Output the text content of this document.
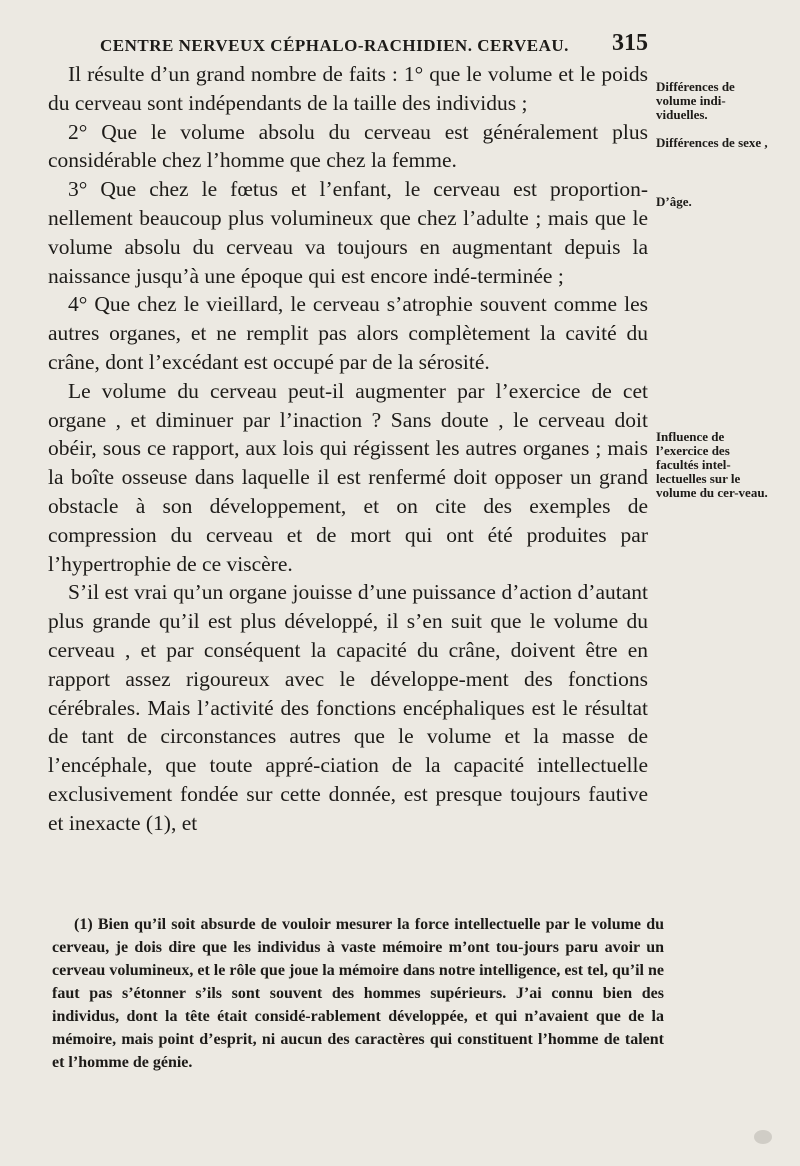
CENTRE NERVEUX CÉPHALO-RACHIDIEN. CERVEAU. 315

Il résulte d’un grand nombre de faits : 1° que le volume et le poids du cerveau sont indépendants de la taille des individus ;

2° Que le volume absolu du cerveau est généralement plus considérable chez l’homme que chez la femme.

3° Que chez le fœtus et l’enfant, le cerveau est proportion-nellement beaucoup plus volumineux que chez l’adulte ; mais que le volume absolu du cerveau va toujours en augmentant depuis la naissance jusqu’à une époque qui est encore indé-terminée ;

4° Que chez le vieillard, le cerveau s’atrophie souvent comme les autres organes, et ne remplit pas alors complètement la cavité du crâne, dont l’excédant est occupé par de la sérosité.

Le volume du cerveau peut-il augmenter par l’exercice de cet organe , et diminuer par l’inaction ? Sans doute , le cerveau doit obéir, sous ce rapport, aux lois qui régissent les autres organes ; mais la boîte osseuse dans laquelle il est renfermé doit opposer un grand obstacle à son développement, et on cite des exemples de compression du cerveau et de mort qui ont été produites par l’hypertrophie de ce viscère.

S’il est vrai qu’un organe jouisse d’une puissance d’action d’autant plus grande qu’il est plus développé, il s’en suit que le volume du cerveau , et par conséquent la capacité du crâne, doivent être en rapport assez rigoureux avec le développe-ment des fonctions cérébrales. Mais l’activité des fonctions encéphaliques est le résultat de tant de circonstances autres que le volume et la masse de l’encéphale, que toute appré-ciation de la capacité intellectuelle exclusivement fondée sur cette donnée, est presque toujours fautive et inexacte (1), et

Différences de volume indi-viduelles.
Différences de sexe ,
D’âge.
Influence de l’exercice des facultés intel-lectuelles sur le volume du cer-veau.

(1) Bien qu’il soit absurde de vouloir mesurer la force intellectuelle par le volume du cerveau, je dois dire que les individus à vaste mémoire m’ont tou-jours paru avoir un cerveau volumineux, et le rôle que joue la mémoire dans notre intelligence, est tel, qu’il ne faut pas s’étonner s’ils sont souvent des hommes supérieurs. J’ai connu bien des individus, dont la tête était considé-rablement développée, et qui n’avaient que de la mémoire, mais point d’esprit, ni aucun des caractères qui constituent l’homme de talent et l’homme de génie.
